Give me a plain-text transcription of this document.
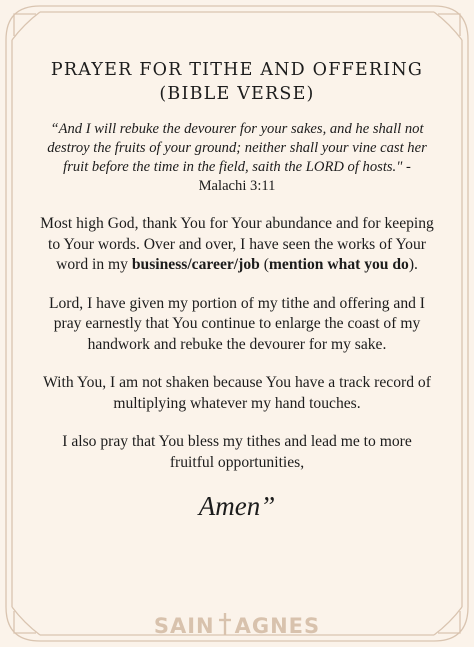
PRAYER FOR TITHE AND OFFERING
(BIBLE VERSE)

“And I will rebuke the devourer for your sakes, and he shall not destroy the fruits of your ground; neither shall your vine cast her fruit before the time in the field, saith the LORD of hosts." -
Malachi 3:11

Most high God, thank You for Your abundance and for keeping to Your words. Over and over, I have seen the works of Your word in my business/career/job (mention what you do).

Lord, I have given my portion of my tithe and offering and I pray earnestly that You continue to enlarge the coast of my handwork and rebuke the devourer for my sake.

With You, I am not shaken because You have a track record of multiplying whatever my hand touches.

I also pray that You bless my tithes and lead me to more fruitful opportunities,

Amen”
SAIN AGNES
